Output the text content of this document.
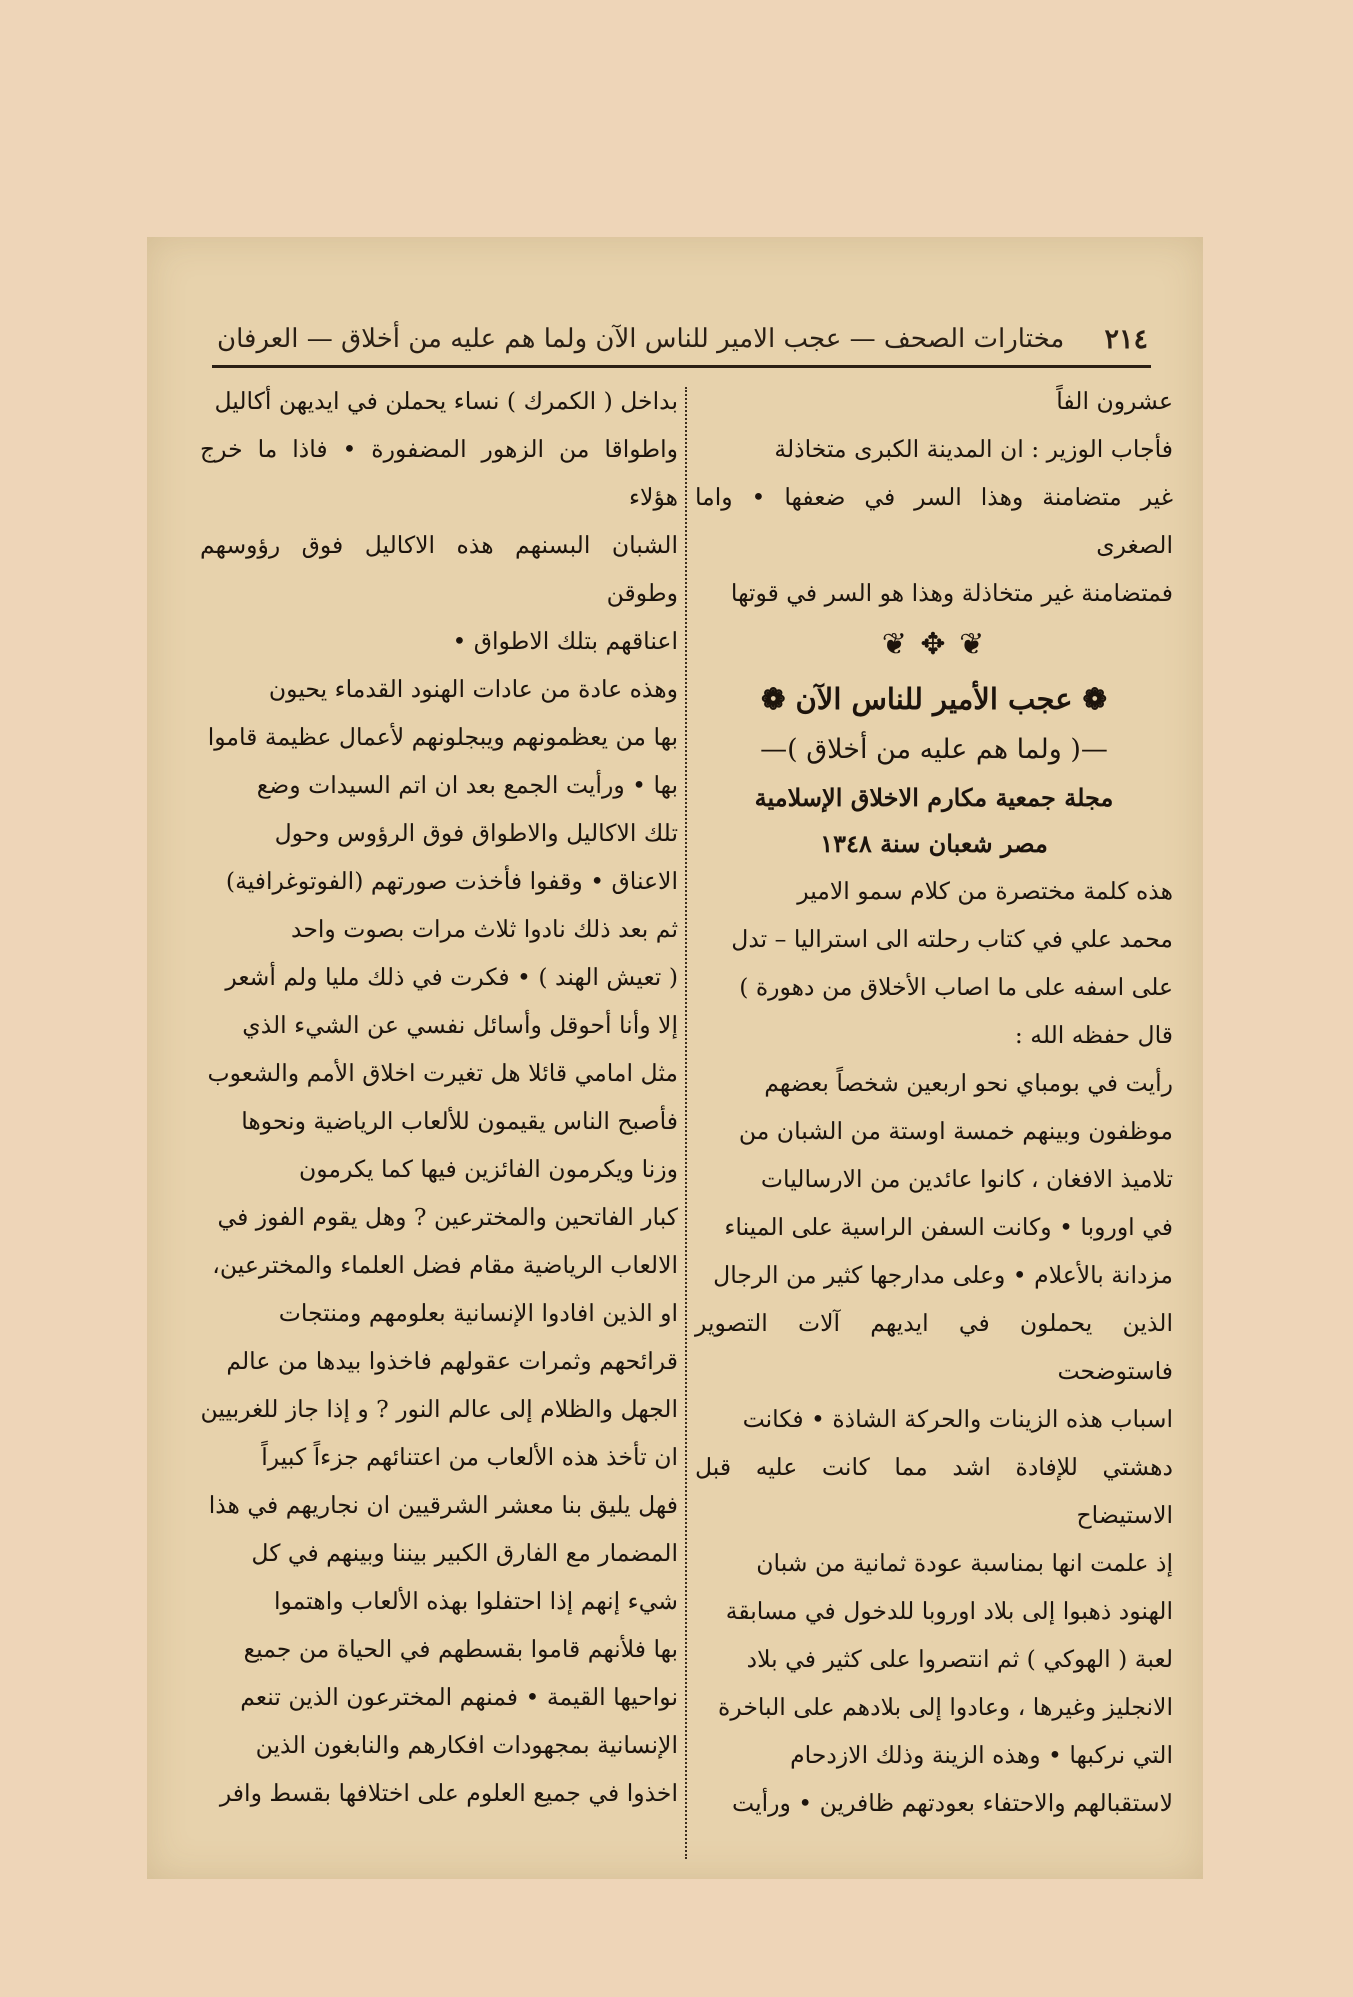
٢١٤
مختارات الصحف — عجب الامير للناس الآن ولما هم عليه من أخلاق — العرفان

عشرون الفاً

فأجاب الوزير : ان المدينة الكبرى متخاذلة

غير متضامنة وهذا السر في ضعفها • واما الصغرى

فمتضامنة غير متخاذلة وهذا هو السر في قوتها

❦ ✥ ❦
❁ عجب الأمير للناس الآن ❁
—( ولما هم عليه من أخلاق )—
مجلة جمعية مكارم الاخلاق الإسلامية
مصر شعبان سنة ١٣٤٨

هذه كلمة مختصرة من كلام سمو الامير

محمد علي في كتاب رحلته الى استراليا – تدل

على اسفه على ما اصاب الأخلاق من دهورة )

قال حفظه الله :

رأيت في بومباي نحو اربعين شخصاً بعضهم

موظفون وبينهم خمسة اوستة من الشبان من

تلاميذ الافغان ، كانوا عائدين من الارساليات

في اوروبا • وكانت السفن الراسية على الميناء

مزدانة بالأعلام • وعلى مدارجها كثير من الرجال

الذين يحملون في ايديهم آلات التصوير فاستوضحت

اسباب هذه الزينات والحركة الشاذة • فكانت

دهشتي للإفادة اشد مما كانت عليه قبل الاستيضاح

إذ علمت انها بمناسبة عودة ثمانية من شبان

الهنود ذهبوا إلى بلاد اوروبا للدخول في مسابقة

لعبة ( الهوكي ) ثم انتصروا على كثير في بلاد

الانجليز وغيرها ، وعادوا إلى بلادهم على الباخرة

التي نركبها • وهذه الزينة وذلك الازدحام

لاستقبالهم والاحتفاء بعودتهم ظافرين • ورأيت

بداخل ( الكمرك ) نساء يحملن في ايديهن أكاليل

واطواقا من الزهور المضفورة • فاذا ما خرج هؤلاء

الشبان البسنهم هذه الاكاليل فوق رؤوسهم وطوقن

اعناقهم بتلك الاطواق •

وهذه عادة من عادات الهنود القدماء يحيون

بها من يعظمونهم ويبجلونهم لأعمال عظيمة قاموا

بها • ورأيت الجمع بعد ان اتم السيدات وضع

تلك الاكاليل والاطواق فوق الرؤوس وحول

الاعناق • وقفوا فأخذت صورتهم (الفوتوغرافية)

ثم بعد ذلك نادوا ثلاث مرات بصوت واحد

( تعيش الهند ) • فكرت في ذلك مليا ولم أشعر

إلا وأنا أحوقل وأسائل نفسي عن الشيء الذي

مثل امامي قائلا هل تغيرت اخلاق الأمم والشعوب

فأصبح الناس يقيمون للألعاب الرياضية ونحوها

وزنا ويكرمون الفائزين فيها كما يكرمون

كبار الفاتحين والمخترعين ? وهل يقوم الفوز في

الالعاب الرياضية مقام فضل العلماء والمخترعين،

او الذين افادوا الإنسانية بعلومهم ومنتجات

قرائحهم وثمرات عقولهم فاخذوا بيدها من عالم

الجهل والظلام إلى عالم النور ? و إذا جاز للغربيين

ان تأخذ هذه الألعاب من اعتنائهم جزءاً كبيراً

فهل يليق بنا معشر الشرقيين ان نجاريهم في هذا

المضمار مع الفارق الكبير بيننا وبينهم في كل

شيء إنهم إذا احتفلوا بهذه الألعاب واهتموا

بها فلأنهم قاموا بقسطهم في الحياة من جميع

نواحيها القيمة • فمنهم المخترعون الذين تنعم

الإنسانية بمجهودات افكارهم والنابغون الذين

اخذوا في جميع العلوم على اختلافها بقسط وافر
